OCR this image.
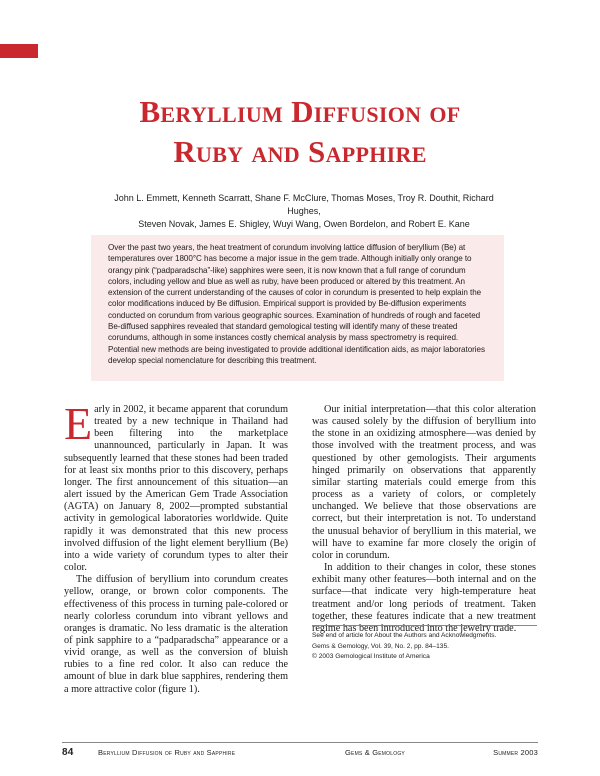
Beryllium Diffusion of
Ruby and Sapphire
John L. Emmett, Kenneth Scarratt, Shane F. McClure, Thomas Moses, Troy R. Douthit, Richard Hughes,
Steven Novak, James E. Shigley, Wuyi Wang, Owen Bordelon, and Robert E. Kane
Over the past two years, the heat treatment of corundum involving lattice diffusion of beryllium (Be) at temperatures over 1800°C has become a major issue in the gem trade. Although initially only orange to orangy pink (“padparadscha”-like) sapphires were seen, it is now known that a full range of corundum colors, including yellow and blue as well as ruby, have been produced or altered by this treatment. An extension of the current understanding of the causes of color in corundum is presented to help explain the color modifications induced by Be diffusion. Empirical support is provided by Be-diffusion experiments conducted on corundum from various geographic sources. Examination of hundreds of rough and faceted Be-diffused sapphires revealed that standard gemological testing will identify many of these treated corundums, although in some instances costly chemical analysis by mass spectrometry is required. Potential new methods are being investigated to provide additional identification aids, as major laboratories develop special nomenclature for describing this treatment.

Early in 2002, it became apparent that corundum treated by a new technique in Thailand had been filtering into the marketplace unannounced, particularly in Japan. It was subsequently learned that these stones had been traded for at least six months prior to this discovery, perhaps longer. The first announcement of this situation—an alert issued by the American Gem Trade Association (AGTA) on January 8, 2002—prompted substantial activity in gemological laboratories worldwide. Quite rapidly it was demonstrated that this new process involved diffusion of the light element beryllium (Be) into a wide variety of corundum types to alter their color.

The diffusion of beryllium into corundum creates yellow, orange, or brown color components. The effectiveness of this process in turning pale-colored or nearly colorless corundum into vibrant yellows and oranges is dramatic. No less dramatic is the alteration of pink sapphire to a “padparadscha” appearance or a vivid orange, as well as the conversion of bluish rubies to a fine red color. It also can reduce the amount of blue in dark blue sapphires, rendering them a more attractive color (figure 1).

Our initial interpretation—that this color alteration was caused solely by the diffusion of beryllium into the stone in an oxidizing atmosphere—was denied by those involved with the treatment process, and was questioned by other gemologists. Their arguments hinged primarily on observations that apparently similar starting materials could emerge from this process as a variety of colors, or completely unchanged. We believe that those observations are correct, but their interpretation is not. To understand the unusual behavior of beryllium in this material, we will have to examine far more closely the origin of color in corundum.

In addition to their changes in color, these stones exhibit many other features—both internal and on the surface—that indicate very high-temperature heat treatment and/or long periods of treatment. Taken together, these features indicate that a new treatment regime has been introduced into the jewelry trade.

See end of article for About the Authors and Acknowledgments.
Gems & Gemology, Vol. 39, No. 2, pp. 84–135.
© 2003 Gemological Institute of America
84	Beryllium Diffusion of Ruby and Sapphire	Gems & Gemology	Summer 2003
